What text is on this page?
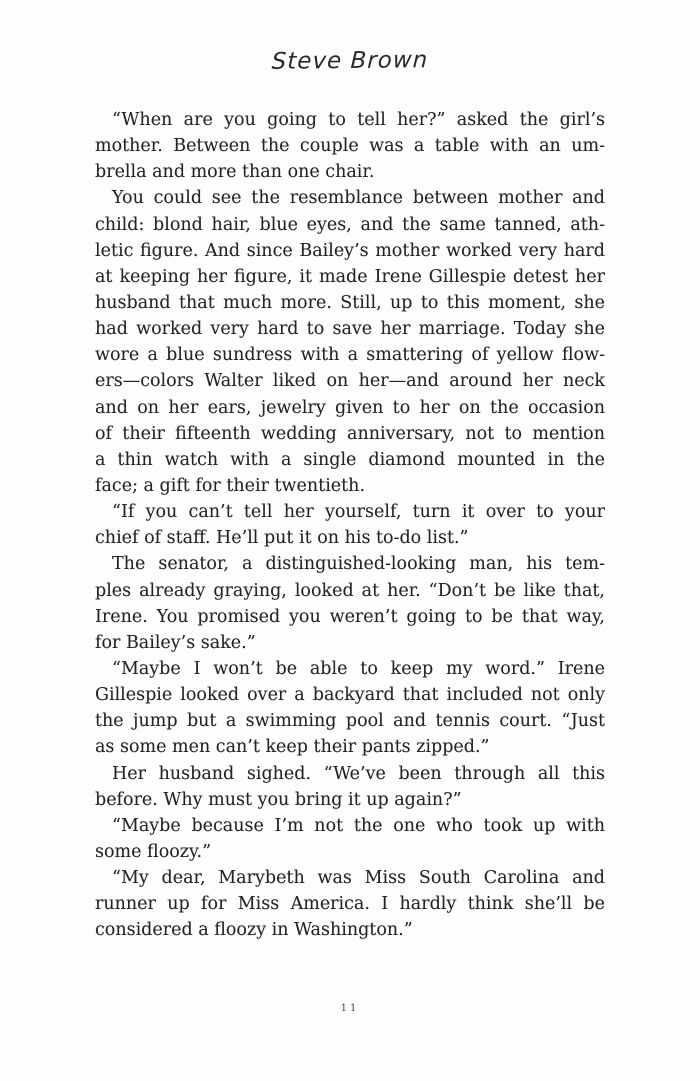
Steve Brown
“When are you going to tell her?” asked the girl’s
mother. Between the couple was a table with an um-
brella and more than one chair.
You could see the resemblance between mother and
child: blond hair, blue eyes, and the same tanned, ath-
letic figure. And since Bailey’s mother worked very hard
at keeping her figure, it made Irene Gillespie detest her
husband that much more. Still, up to this moment, she
had worked very hard to save her marriage. Today she
wore a blue sundress with a smattering of yellow flow-
ers—colors Walter liked on her—and around her neck
and on her ears, jewelry given to her on the occasion
of their fifteenth wedding anniversary, not to mention
a thin watch with a single diamond mounted in the
face; a gift for their twentieth.
“If you can’t tell her yourself, turn it over to your
chief of staff. He’ll put it on his to-do list.”
The senator, a distinguished-looking man, his tem-
ples already graying, looked at her. “Don’t be like that,
Irene. You promised you weren’t going to be that way,
for Bailey’s sake.”
“Maybe I won’t be able to keep my word.” Irene
Gillespie looked over a backyard that included not only
the jump but a swimming pool and tennis court. “Just
as some men can’t keep their pants zipped.”
Her husband sighed. “We’ve been through all this
before. Why must you bring it up again?”
“Maybe because I’m not the one who took up with
some floozy.”
“My dear, Marybeth was Miss South Carolina and
runner up for Miss America. I hardly think she’ll be
considered a floozy in Washington.”
11
